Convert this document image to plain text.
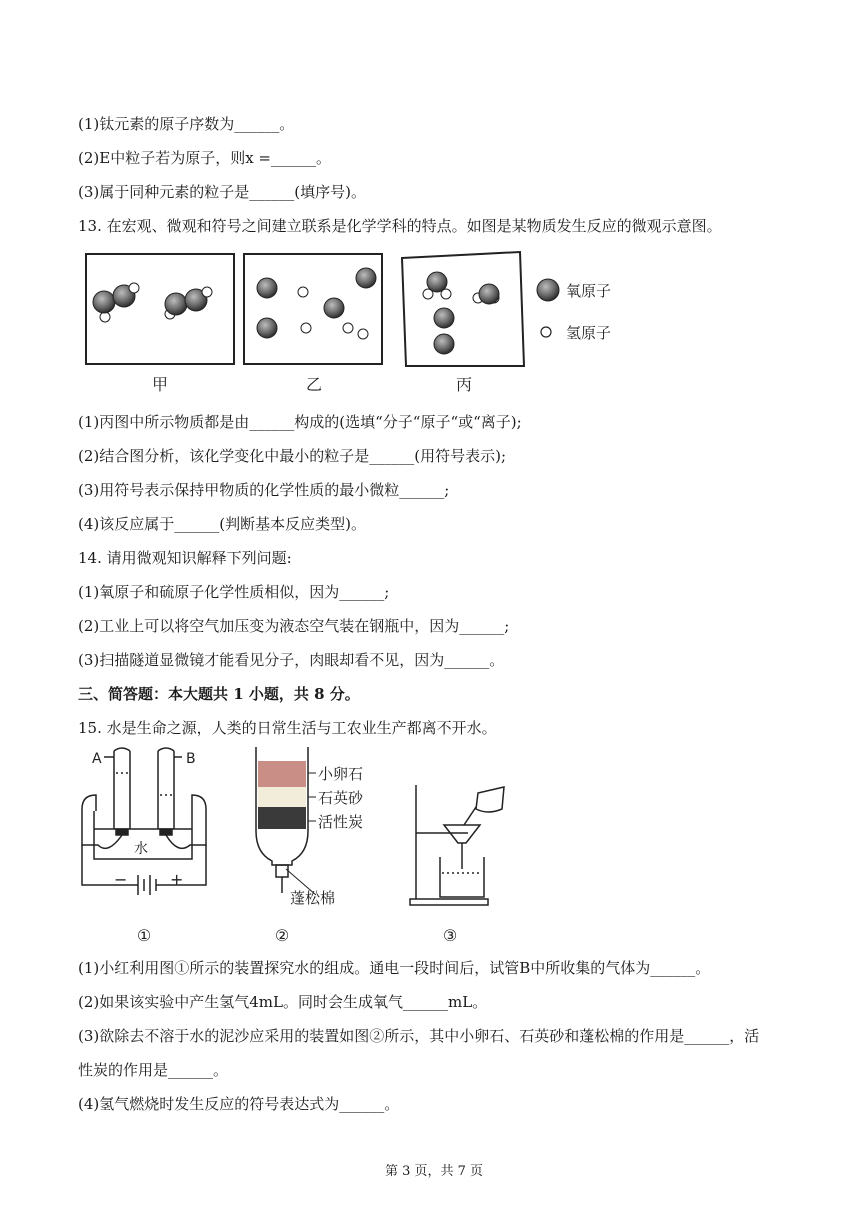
(1)钛元素的原子序数为______。
(2)E中粒子若为原子，则x =______。
(3)属于同种元素的粒子是______(填序号)。
13. 在宏观、微观和符号之间建立联系是化学学科的特点。如图是某物质发生反应的微观示意图。
氧原子
氢原子
甲	乙	丙
(1)丙图中所示物质都是由______构成的(选填“分子“原子“或“离子);
(2)结合图分析，该化学变化中最小的粒子是______(用符号表示);
(3)用符号表示保持甲物质的化学性质的最小微粒______;
(4)该反应属于______(判断基本反应类型)。
14. 请用微观知识解释下列问题:
(1)氧原子和硫原子化学性质相似，因为______;
(2)工业上可以将空气加压变为液态空气装在钢瓶中，因为______;
(3)扫描隧道显微镜才能看见分子，肉眼却看不见，因为______。
三、简答题：本大题共 1 小题，共 8 分。
15. 水是生命之源，人类的日常生活与工农业生产都离不开水。
A	B
水
−	+
①
小卵石
石英砂
活性炭
蓬松棉
②	③
(1)小红利用图①所示的装置探究水的组成。通电一段时间后，试管B中所收集的气体为______。
(2)如果该实验中产生氢气4mL。同时会生成氧气______mL。
(3)欲除去不溶于水的泥沙应采用的装置如图②所示，其中小卵石、石英砂和蓬松棉的作用是______，活
性炭的作用是______。
(4)氢气燃烧时发生反应的符号表达式为______。
第 3 页，共 7 页
